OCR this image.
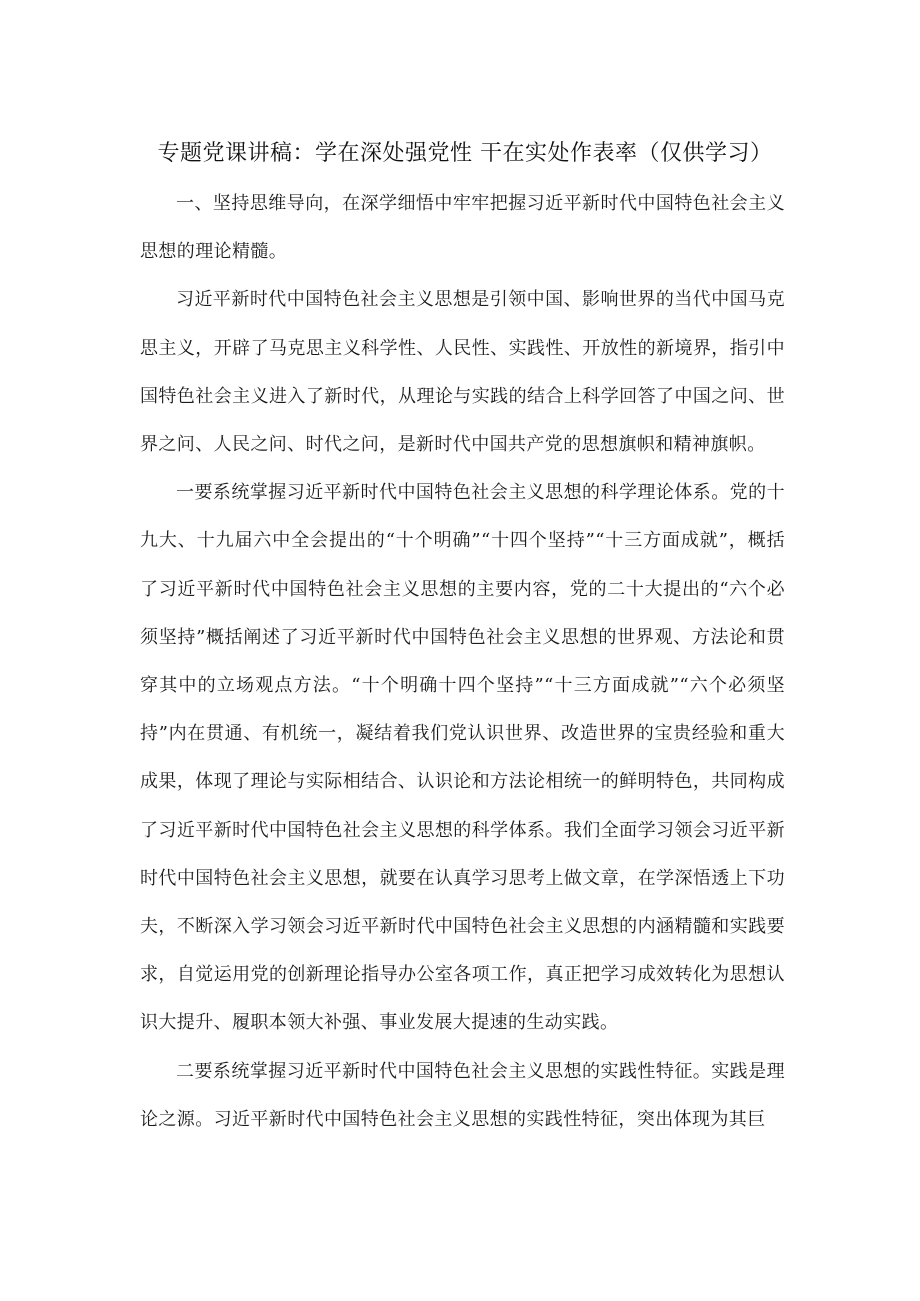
专题党课讲稿：学在深处强党性 干在实处作表率（仅供学习）

一、坚持思维导向，在深学细悟中牢牢把握习近平新时代中国特色社会主义思想的理论精髓。

习近平新时代中国特色社会主义思想是引领中国、影响世界的当代中国马克思主义，开辟了马克思主义科学性、人民性、实践性、开放性的新境界，指引中国特色社会主义进入了新时代，从理论与实践的结合上科学回答了中国之问、世界之问、人民之问、时代之问，是新时代中国共产党的思想旗帜和精神旗帜。

一要系统掌握习近平新时代中国特色社会主义思想的科学理论体系。党的十九大、十九届六中全会提出的“十个明确”“十四个坚持”“十三方面成就”，概括了习近平新时代中国特色社会主义思想的主要内容，党的二十大提出的“六个必须坚持”概括阐述了习近平新时代中国特色社会主义思想的世界观、方法论和贯穿其中的立场观点方法。“十个明确十四个坚持”“十三方面成就”“六个必须坚持”内在贯通、有机统一，凝结着我们党认识世界、改造世界的宝贵经验和重大成果，体现了理论与实际相结合、认识论和方法论相统一的鲜明特色，共同构成了习近平新时代中国特色社会主义思想的科学体系。我们全面学习领会习近平新时代中国特色社会主义思想，就要在认真学习思考上做文章，在学深悟透上下功夫，不断深入学习领会习近平新时代中国特色社会主义思想的内涵精髓和实践要求，自觉运用党的创新理论指导办公室各项工作，真正把学习成效转化为思想认识大提升、履职本领大补强、事业发展大提速的生动实践。

二要系统掌握习近平新时代中国特色社会主义思想的实践性特征。实践是理论之源。习近平新时代中国特色社会主义思想的实践性特征，突出体现为其巨
